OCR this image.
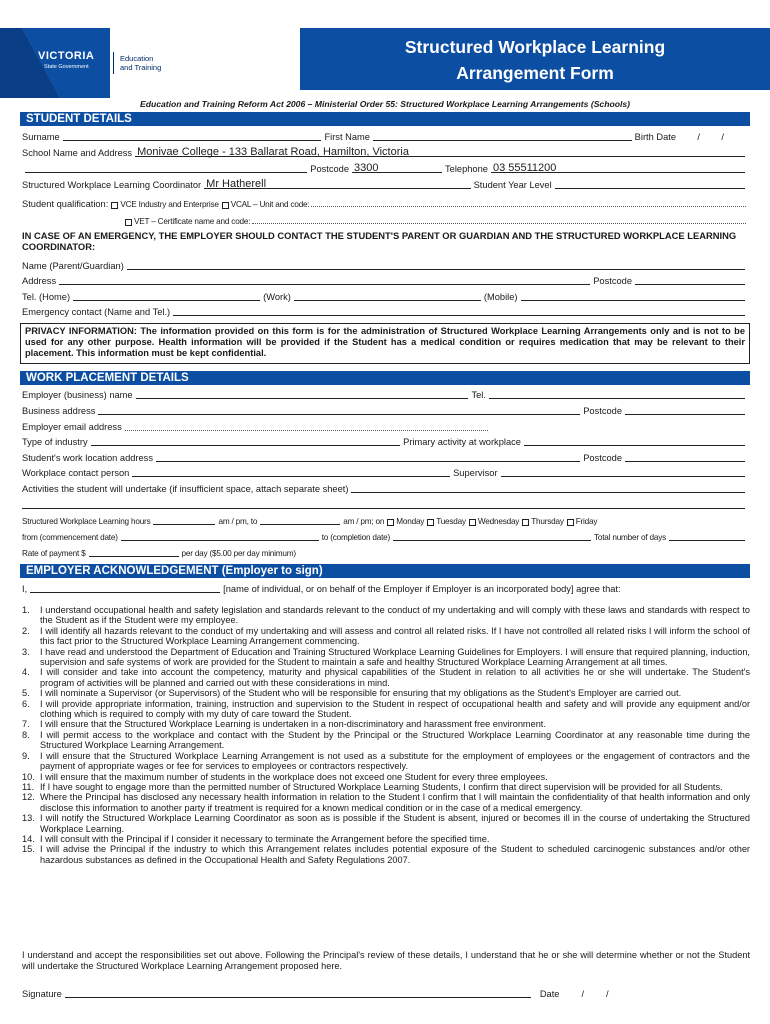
VICTORIA
State Government
Education
and Training
Structured Workplace Learning
Arrangement Form
Education and Training Reform Act 2006 – Ministerial Order 55: Structured Workplace Learning Arrangements (Schools)
STUDENT DETAILS
Surname	First Name	Birth Date	/	/
School Name and Address Monivae College - 133 Ballarat Road, Hamilton, Victoria
Postcode 3300	Telephone 03 55511200
Structured Workplace Learning Coordinator Mr Hatherell	Student Year Level
Student qualification: VCE Industry and Enterprise VCAL – Unit and code:
VET – Certificate name and code:
IN CASE OF AN EMERGENCY, THE EMPLOYER SHOULD CONTACT THE STUDENT'S PARENT OR GUARDIAN AND THE STRUCTURED WORKPLACE LEARNING COORDINATOR:
Name (Parent/Guardian)
Address	Postcode
Tel. (Home)	(Work)	(Mobile)
Emergency contact (Name and Tel.)
PRIVACY INFORMATION: The information provided on this form is for the administration of Structured Workplace Learning Arrangements only and is not to be used for any other purpose. Health information will be provided if the Student has a medical condition or requires medication that may be relevant to their placement. This information must be kept confidential.
WORK PLACEMENT DETAILS
Employer (business) name	Tel.
Business address	Postcode
Employer email address
Type of industry	Primary activity at workplace
Student's work location address	Postcode
Workplace contact person	Supervisor
Activities the student will undertake (if insufficient space, attach separate sheet)
Structured Workplace Learning hours	am / pm, to	am / pm; on Monday Tuesday Wednesday Thursday Friday
from (commencement date)	to (completion date)	Total number of days
Rate of payment $	per day ($5.00 per day minimum)
EMPLOYER ACKNOWLEDGEMENT (Employer to sign)
I,	[name of individual, or on behalf of the Employer if Employer is an incorporated body] agree that:
1.	I understand occupational health and safety legislation and standards relevant to the conduct of my undertaking and will comply with these laws and standards with respect to the Student as if the Student were my employee.
2.	I will identify all hazards relevant to the conduct of my undertaking and will assess and control all related risks. If I have not controlled all related risks I will inform the school of this fact prior to the Structured Workplace Learning Arrangement commencing.
3.	I have read and understood the Department of Education and Training Structured Workplace Learning Guidelines for Employers. I will ensure that required planning, induction, supervision and safe systems of work are provided for the Student to maintain a safe and healthy Structured Workplace Learning Arrangement at all times.
4.	I will consider and take into account the competency, maturity and physical capabilities of the Student in relation to all activities he or she will undertake. The Student's program of activities will be planned and carried out with these considerations in mind.
5.	I will nominate a Supervisor (or Supervisors) of the Student who will be responsible for ensuring that my obligations as the Student's Employer are carried out.
6.	I will provide appropriate information, training, instruction and supervision to the Student in respect of occupational health and safety and will provide any equipment and/or clothing which is required to comply with my duty of care toward the Student.
7.	I will ensure that the Structured Workplace Learning is undertaken in a non-discriminatory and harassment free environment.
8.	I will permit access to the workplace and contact with the Student by the Principal or the Structured Workplace Learning Coordinator at any reasonable time during the Structured Workplace Learning Arrangement.
9.	I will ensure that the Structured Workplace Learning Arrangement is not used as a substitute for the employment of employees or the engagement of contractors and the payment of appropriate wages or fee for services to employees or contractors respectively.
10. I will ensure that the maximum number of students in the workplace does not exceed one Student for every three employees.
11. If I have sought to engage more than the permitted number of Structured Workplace Learning Students, I confirm that direct supervision will be provided for all Students.
12. Where the Principal has disclosed any necessary health information in relation to the Student I confirm that I will maintain the confidentiality of that health information and only disclose this information to another party if treatment is required for a known medical condition or in the case of a medical emergency.
13. I will notify the Structured Workplace Learning Coordinator as soon as is possible if the Student is absent, injured or becomes ill in the course of undertaking the Structured Workplace Learning.
14. I will consult with the Principal if I consider it necessary to terminate the Arrangement before the specified time.
15. I will advise the Principal if the industry to which this Arrangement relates includes potential exposure of the Student to scheduled carcinogenic substances and/or other hazardous substances as defined in the Occupational Health and Safety Regulations 2007.
I understand and accept the responsibilities set out above. Following the Principal's review of these details, I understand that he or she will determine whether or not the Student will undertake the Structured Workplace Learning Arrangement proposed here.
Signature	Date / /
